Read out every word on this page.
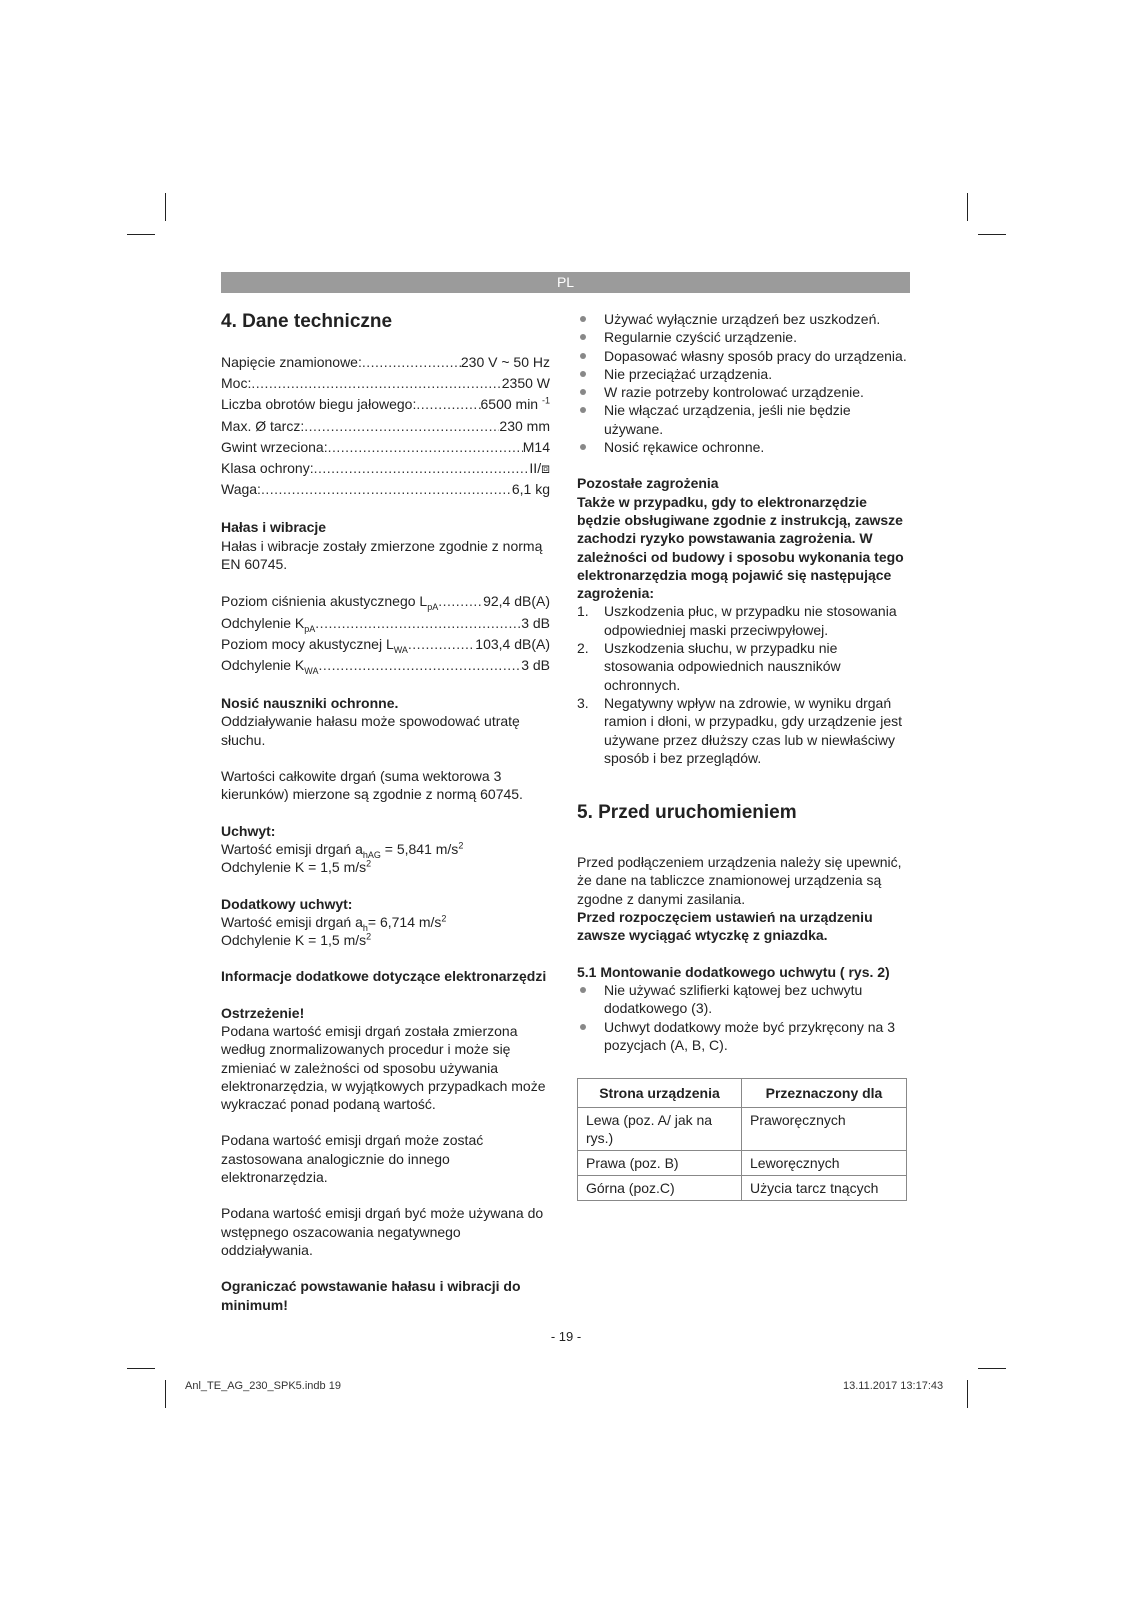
PL
4. Dane techniczne
Napięcie znamionowe: .....	230 V ~ 50 Hz
Moc: .....	2350 W
Liczba obrotów biegu jałowego: .....	6500 min $^{-1}$
Max. Ø tarcz: .....	230 mm
Gwint wrzeciona: .....	M14
Klasa ochrony: .....	II/⧈
Waga: .....	6,1 kg

Hałas i wibracje

Hałas i wibracje zostały zmierzone zgodnie z normą EN 60745.

Poziom ciśnienia akustycznego $L_{pA}$ .....	92,4 dB(A)
Odchylenie $K_{pA}$ .....	3 dB
Poziom mocy akustycznej $L_{WA}$ .....	103,4 dB(A)
Odchylenie $K_{WA}$ .....	3 dB

Nosić nauszniki ochronne.

Oddziaływanie hałasu może spowodować utratę słuchu.

Wartości całkowite drgań (suma wektorowa 3 kierunków) mierzone są zgodnie z normą 60745.

Uchwyt:

Wartość emisji drgań $a_{hAG} = 5,841$ $m/s^2$

Odchylenie K = 1,5 $m/s^2$

Dodatkowy uchwyt:

Wartość emisji drgań $a_h= 6,714$ $m/s^2$

Odchylenie K = 1,5 $m/s^2$

Informacje dodatkowe dotyczące elektronarzędzi

Ostrzeżenie!

Podana wartość emisji drgań została zmierzona według znormalizowanych procedur i może się zmieniać w zależności od sposobu używania elektronarzędzia, w wyjątkowych przypadkach może wykraczać ponad podaną wartość.

Podana wartość emisji drgań może zostać zastosowana analogicznie do innego elektronarzędzia.

Podana wartość emisji drgań być może używana do wstępnego oszacowania negatywnego oddziaływania.

Ograniczać powstawanie hałasu i wibracji do minimum!

Używać wyłącznie urządzeń bez uszkodzeń.
Regularnie czyścić urządzenie.
Dopasować własny sposób pracy do urządzenia.
Nie przeciążać urządzenia.
W razie potrzeby kontrolować urządzenie.
Nie włączać urządzenia, jeśli nie będzie używane.
Nosić rękawice ochronne.

Pozostałe zagrożenia

Także w przypadku, gdy to elektronarzędzie będzie obsługiwane zgodnie z instrukcją, zawsze zachodzi ryzyko powstawania zagrożenia. W zależności od budowy i sposobu wykonania tego elektronarzędzia mogą pojawić się następujące zagrożenia:

1. Uszkodzenia płuc, w przypadku nie stosowania odpowiedniej maski przeciwpyłowej.
2. Uszkodzenia słuchu, w przypadku nie stosowania odpowiednich nauszników ochronnych.
3. Negatywny wpływ na zdrowie, w wyniku drgań ramion i dłoni, w przypadku, gdy urządzenie jest używane przez dłuższy czas lub w niewłaściwy sposób i bez przeglądów.
5. Przed uruchomieniem

Przed podłączeniem urządzenia należy się upewnić, że dane na tabliczce znamionowej urządzenia są zgodne z danymi zasilania.

Przed rozpoczęciem ustawień na urządzeniu zawsze wyciągać wtyczkę z gniazdka.

5.1 Montowanie dodatkowego uchwytu ( rys. 2)

Nie używać szlifierki kątowej bez uchwytu dodatkowego (3).
Uchwyt dodatkowy może być przykręcony na 3 pozycjach (A, B, C).
Strona urządzenia	Przeznaczony dla
Lewa (poz. A/ jak na rys.)	Praworęcznych
Prawa (poz. B)	Leworęcznych
Górna (poz.C)	Użycia tarcz tnących
- 19 -
Anl_TE_AG_230_SPK5.indb 19	13.11.2017 13:17:43
